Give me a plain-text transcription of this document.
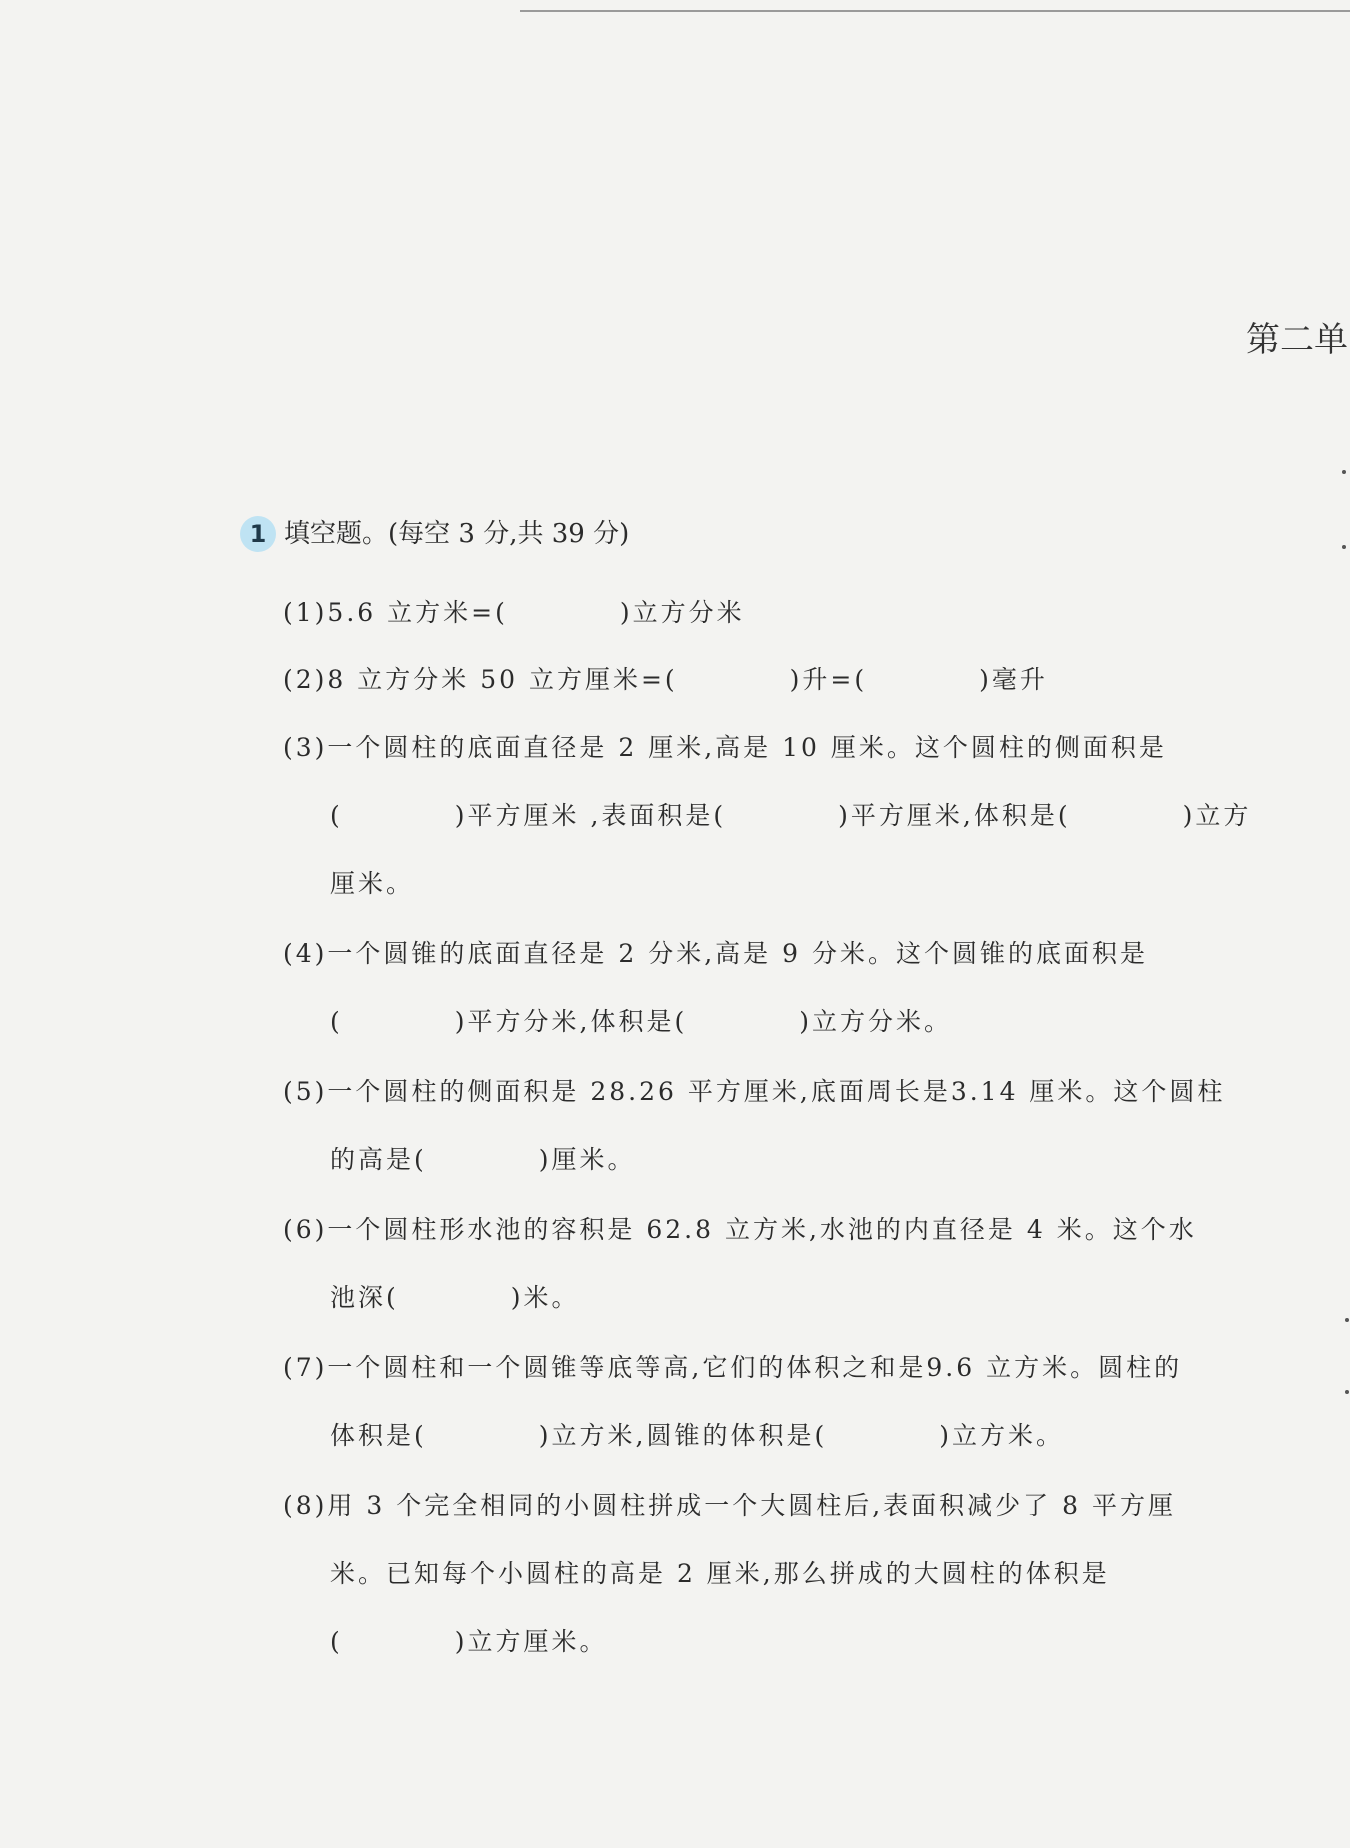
第二单
1 填空题。(每空 3 分,共 39 分)
(1)5.6 立方米=(　　　　)立方分米
(2)8 立方分米 50 立方厘米=(　　　　)升=(　　　　)毫升
(3)一个圆柱的底面直径是 2 厘米,高是 10 厘米。这个圆柱的侧面积是
(　　　　)平方厘米 ,表面积是(　　　　)平方厘米,体积是(　　　　)立方
厘米。
(4)一个圆锥的底面直径是 2 分米,高是 9 分米。这个圆锥的底面积是
(　　　　)平方分米,体积是(　　　　)立方分米。
(5)一个圆柱的侧面积是 28.26 平方厘米,底面周长是3.14 厘米。这个圆柱
的高是(　　　　)厘米。
(6)一个圆柱形水池的容积是 62.8 立方米,水池的内直径是 4 米。这个水
池深(　　　　)米。
(7)一个圆柱和一个圆锥等底等高,它们的体积之和是9.6 立方米。圆柱的
体积是(　　　　)立方米,圆锥的体积是(　　　　)立方米。
(8)用 3 个完全相同的小圆柱拼成一个大圆柱后,表面积减少了 8 平方厘
米。已知每个小圆柱的高是 2 厘米,那么拼成的大圆柱的体积是
(　　　　)立方厘米。
